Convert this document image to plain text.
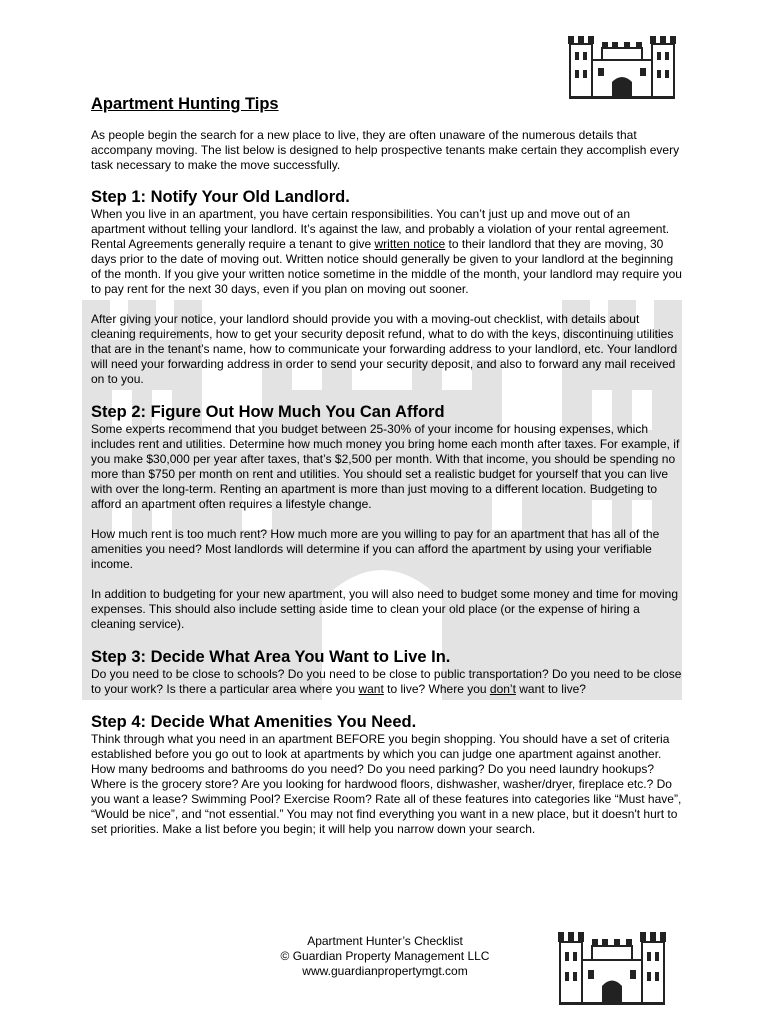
Apartment Hunting Tips

As people begin the search for a new place to live, they are often unaware of the numerous details that accompany moving. The list below is designed to help prospective tenants make certain they accomplish every task necessary to make the move successfully.

Step 1: Notify Your Old Landlord.

When you live in an apartment, you have certain responsibilities. You can’t just up and move out of an apartment without telling your landlord. It’s against the law, and probably a violation of your rental agreement. Rental Agreements generally require a tenant to give written notice to their landlord that they are moving, 30 days prior to the date of moving out. Written notice should generally be given to your landlord at the beginning of the month. If you give your written notice sometime in the middle of the month, your landlord may require you to pay rent for the next 30 days, even if you plan on moving out sooner.

After giving your notice, your landlord should provide you with a moving-out checklist, with details about cleaning requirements, how to get your security deposit refund, what to do with the keys, discontinuing utilities that are in the tenant’s name, how to communicate your forwarding address to your landlord, etc. Your landlord will need your forwarding address in order to send your security deposit, and also to forward any mail received on to you.

Step 2: Figure Out How Much You Can Afford

Some experts recommend that you budget between 25-30% of your income for housing expenses, which includes rent and utilities. Determine how much money you bring home each month after taxes. For example, if you make $30,000 per year after taxes, that’s $2,500 per month. With that income, you should be spending no more than $750 per month on rent and utilities. You should set a realistic budget for yourself that you can live with over the long-term. Renting an apartment is more than just moving to a different location. Budgeting to afford an apartment often requires a lifestyle change.

How much rent is too much rent? How much more are you willing to pay for an apartment that has all of the amenities you need? Most landlords will determine if you can afford the apartment by using your verifiable income.

In addition to budgeting for your new apartment, you will also need to budget some money and time for moving expenses. This should also include setting aside time to clean your old place (or the expense of hiring a cleaning service).

Step 3: Decide What Area You Want to Live In.

Do you need to be close to schools? Do you need to be close to public transportation? Do you need to be close to your work? Is there a particular area where you want to live? Where you don’t want to live?

Step 4: Decide What Amenities You Need.

Think through what you need in an apartment BEFORE you begin shopping. You should have a set of criteria established before you go out to look at apartments by which you can judge one apartment against another. How many bedrooms and bathrooms do you need? Do you need parking? Do you need laundry hookups? Where is the grocery store? Are you looking for hardwood floors, dishwasher, washer/dryer, fireplace etc.? Do you want a lease? Swimming Pool? Exercise Room? Rate all of these features into categories like “Must have”, “Would be nice”, and “not essential.” You may not find everything you want in a new place, but it doesn't hurt to set priorities. Make a list before you begin; it will help you narrow down your search.

Apartment Hunter’s Checklist
© Guardian Property Management LLC
www.guardianpropertymgt.com
